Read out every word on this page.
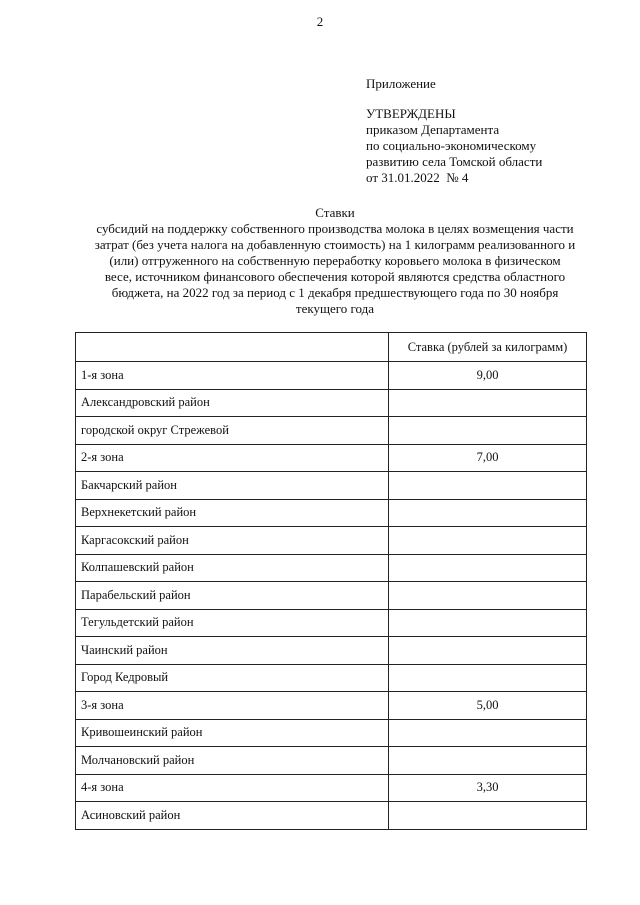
2
Приложение
УТВЕРЖДЕНЫ
приказом Департамента
по социально-экономическому
развитию села Томской области
от 31.01.2022  № 4
Ставки
субсидий на поддержку собственного производства молока в целях возмещения части
затрат (без учета налога на добавленную стоимость) на 1 килограмм реализованного и
(или) отгруженного на собственную переработку коровьего молока в физическом
весе, источником финансового обеспечения которой являются средства областного
бюджета, на 2022 год за период с 1 декабря предшествующего года по 30 ноября
текущего года
	Ставка (рублей за килограмм)
1-я зона	9,00
Александровский район	
городской округ Стрежевой	
2-я зона	7,00
Бакчарский район	
Верхнекетский район	
Каргасокский район	
Колпашевский район	
Парабельский район	
Тегульдетский район	
Чаинский район	
Город Кедровый	
3-я зона	5,00
Кривошеинский район	
Молчановский район	
4-я зона	3,30
Асиновский район	
